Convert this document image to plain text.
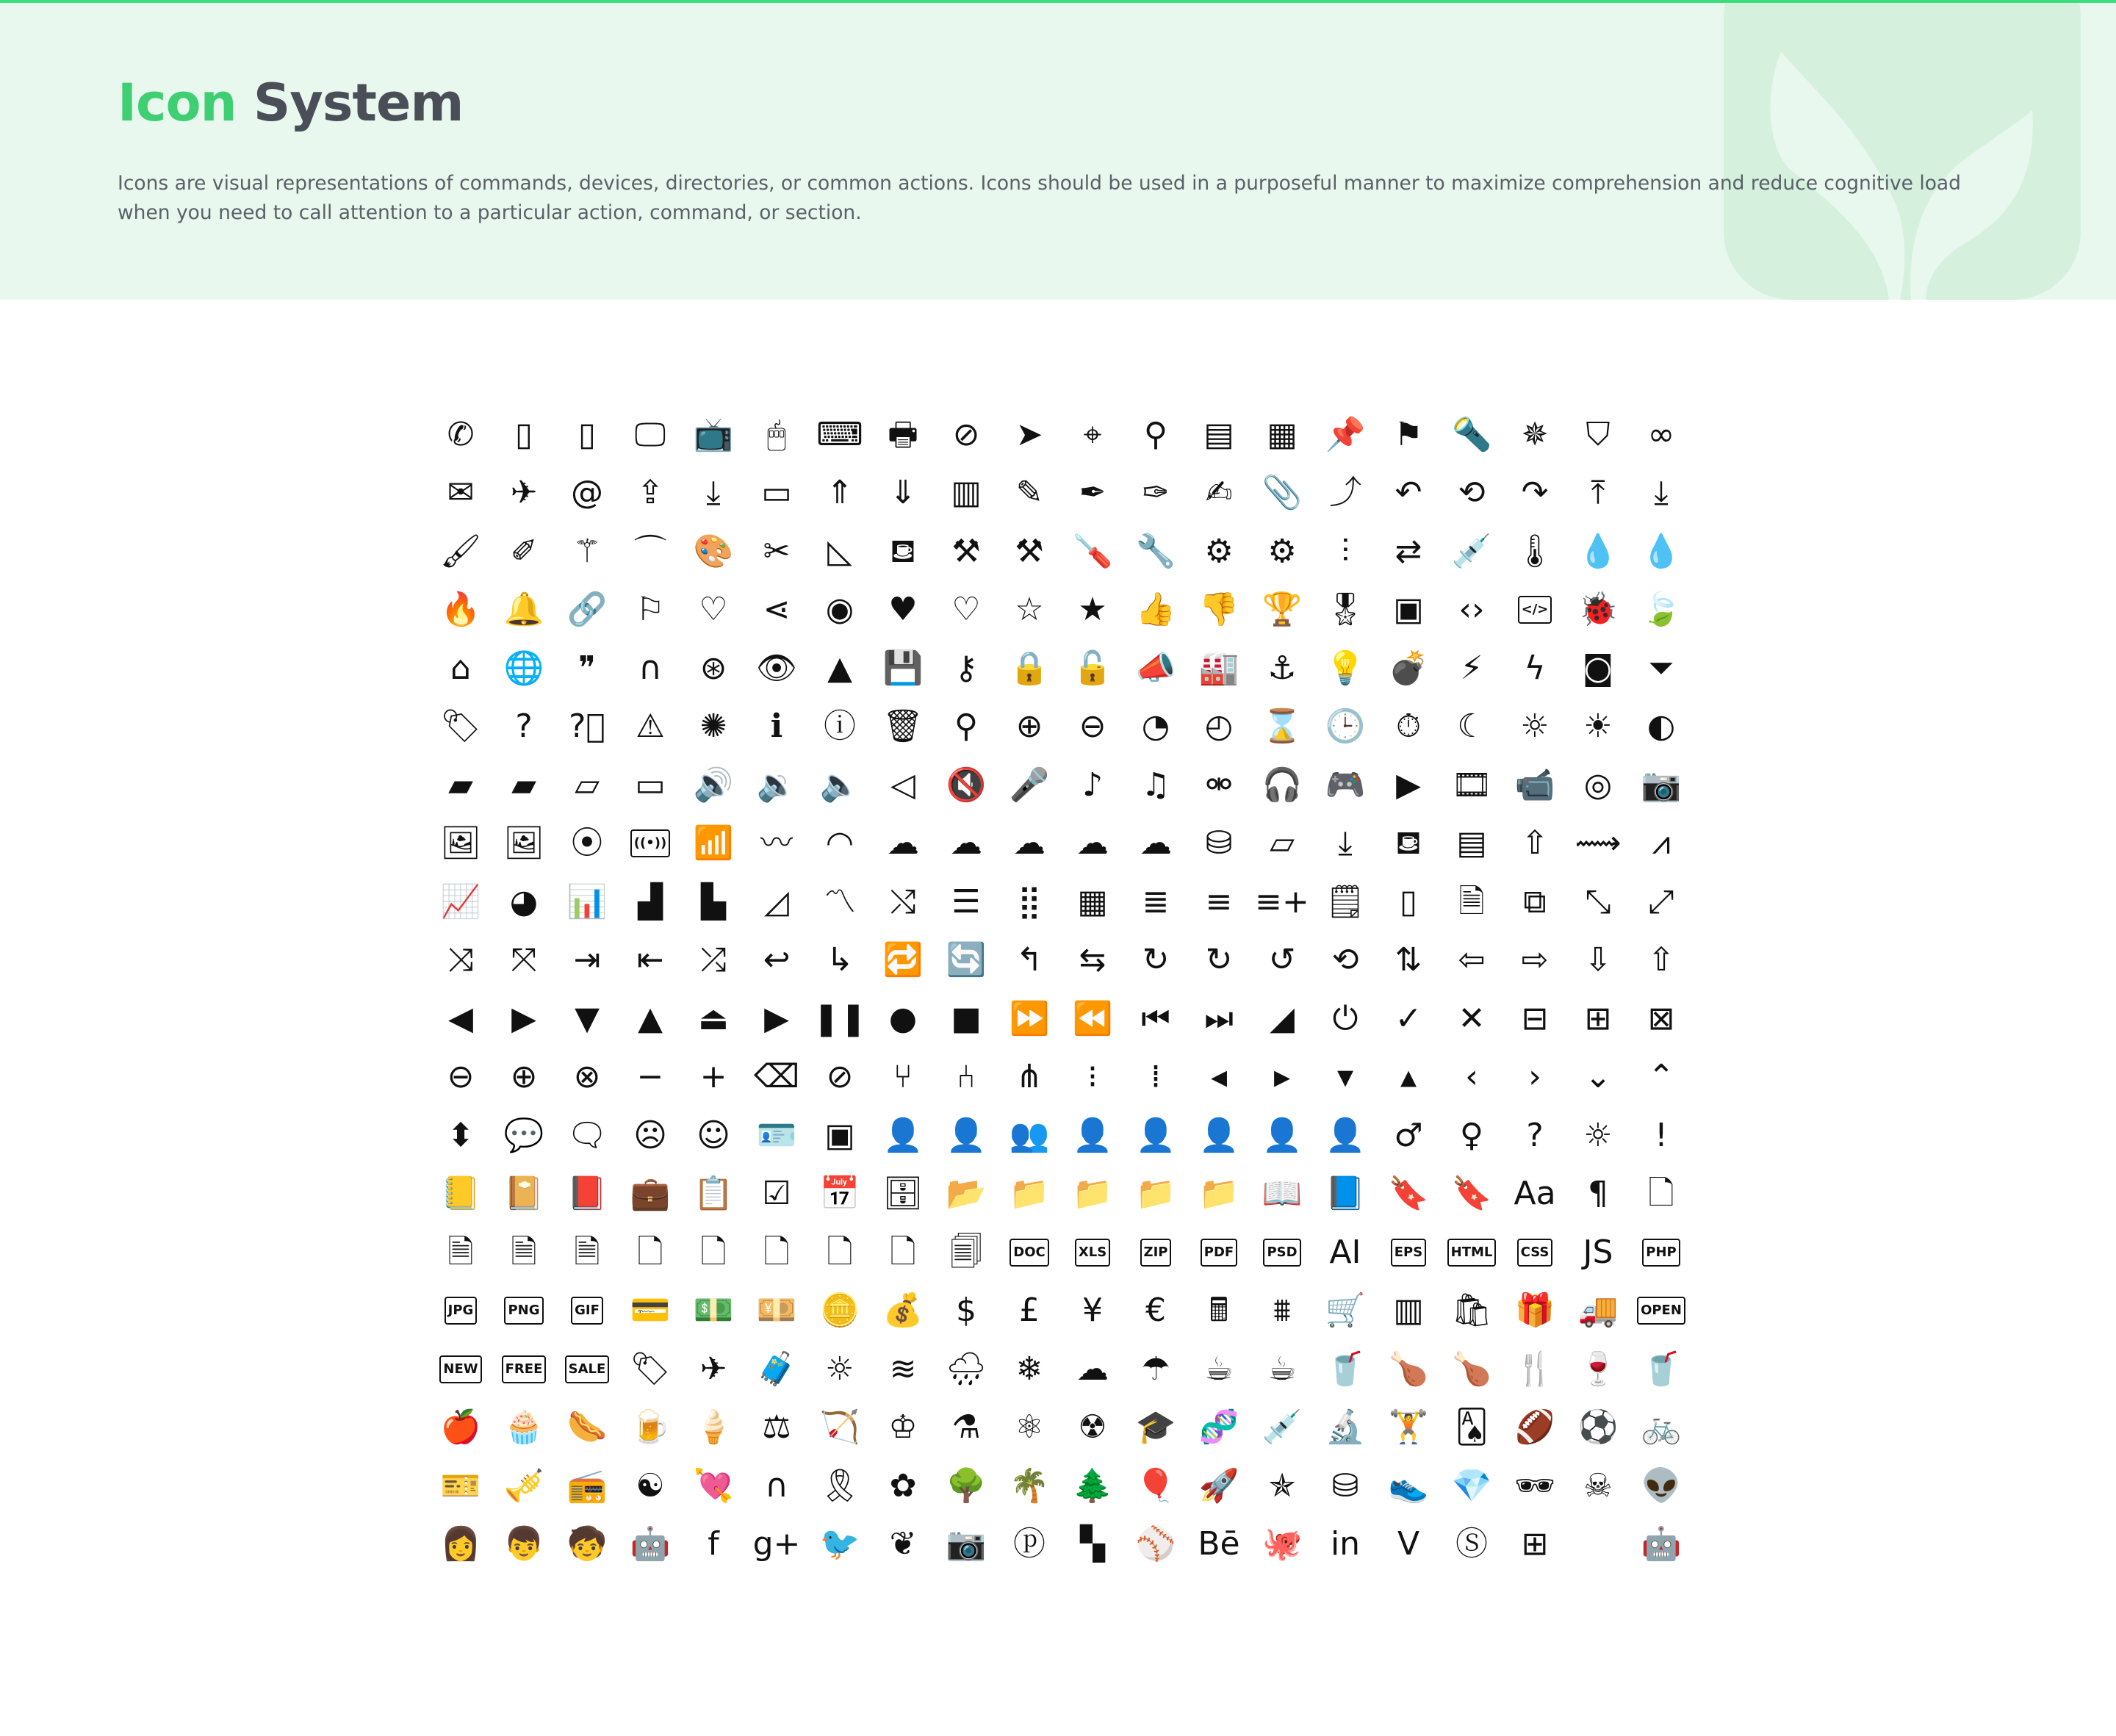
Icon System

Icons are visual representations of commands, devices, directories, or common actions. Icons should be used in a purposeful manner to maximize comprehension and reduce cognitive load when you need to call attention to a particular action, command, or section.

✆ ▯ ▯ 🖵 📺 🖱 ⌨ 🖶 ⊘ ➤ ⌖ ⚲ ▤ ▦ 📌 ⚑ 🔦 ✵ ⛉ ∞
✉ ✈ @ ⇪ ⤓ ▭ ⇑ ⇓ ▥ ✎ ✒ ✑ ✍ 📎 ⤴ ↶ ⟲ ↷ ⤒ ⤓
🖌 ✐ ⚚ ⌒ 🎨 ✂ ◺ ⛾ ⚒ ⚒ 🪛 🔧 ⚙ ⚙ ⫶ ⇄ 💉 🌡 💧 💧
🔥 🔔 🔗 ⚐ ♡ ⋖ ◉ ♥ ♡ ☆ ★ 👍 👎 🏆 🎖 ▣ ‹›	</> 🐞 🍃
⌂ 🌐 ❞ ∩ ⊛ 👁 ▲ 💾 ⚷ 🔒 🔓 📣 🏭 ⚓ 💡 💣 ⚡ ϟ ◙ ⏷
🏷 ? ?⃝ ⚠ ✺ ℹ ⓘ 🗑 ⚲ ⊕ ⊖ ◔ ◴ ⌛ 🕒 ⏱ ☾ ☼ ☀ ◐
▰ ▰ ▱ ▭ 🔊 🔉 🔈 ◁ 🔇 🎤 ♪ ♫ ⚮ 🎧 🎮 ▶ 🎞 📹 ◎ 📷
🖼 🖼 ⦿ ((•)) 📶 〰 ◠ ☁ ☁ ☁ ☁ ☁ ⛁ ▱ ⤓ ⛾ ▤ ⇧ ⟿ ⩘
📈 ◕ 📊 ▟ ▙ ◿ 〽 ⤭ ☰ ⣿ ▦ ≣ ≡ ≡+ 🗒 ▯ 🗎 ⧉ ⤡ ⤢
⤨ ⤧ ⇥ ⇤ ⤮ ↩ ↳ 🔁 🔄 ↰ ⇆ ↻ ↻ ↺ ⟲ ⇅ ⇦ ⇨ ⇩ ⇧
◀ ▶ ▼ ▲ ⏏ ▶ ❚❚ ● ■ ⏩ ⏪ ⏮ ⏭ ◢ ⏻ ✓ ✕ ⊟ ⊞ ⊠
⊖ ⊕ ⊗ − + ⌫ ⊘ ⑂ ⑃ ⋔ ⁝ ⁞ ◂ ▸ ▾ ▴ ‹ › ⌄ ⌃
⬍ 💬 🗨 ☹ ☺ 🪪 ▣ 👤 👤 👥 👤 👤 👤 👤 👤 ♂ ♀ ? ☼ !
📒 📔 📕 💼 📋 ☑ 📅 🗄 📂 📁 📁 📁 📁 📖 📘 🔖 🔖 Aa ¶ 🗋
🗎 🗎 🗎 🗋 🗋 🗋 🗋 🗋 🗐 DOC	XLS	ZIP	PDF	PSD AI	EPS HTML CSS JS PHP
JPG	PNG	GIF 💳 💵 💴 🪙 💰 $ £ ¥ € 🖩 ⩩ 🛒 ▥ 🛍 🎁 🚚 OPEN
NEW FREE SALE 🏷 ✈ 🧳 ☼ ≋ 🌧 ❄ ☁ ☂ ☕ ☕ 🥤 🍗 🍗 🍴 🍷 🥤
🍎 🧁 🌭 🍺 🍦 ⚖ 🏹 ♔ ⚗ ⚛ ☢ 🎓 🧬 💉 🔬 🏋 🂡 🏈 ⚽ 🚲
🎫 🎺 📻 ☯ 💘 ∩ 🎗 ✿ 🌳 🌴 🌲 🎈 🚀 ✯ ⛁ 👟 💎 🕶 ☠ 👽
👩 👦 🧒 🤖 f g+ 🐦 ❦ 📷 ⓟ ▚ ⚾ Bē 🐙 in V Ⓢ ⊞	🤖
